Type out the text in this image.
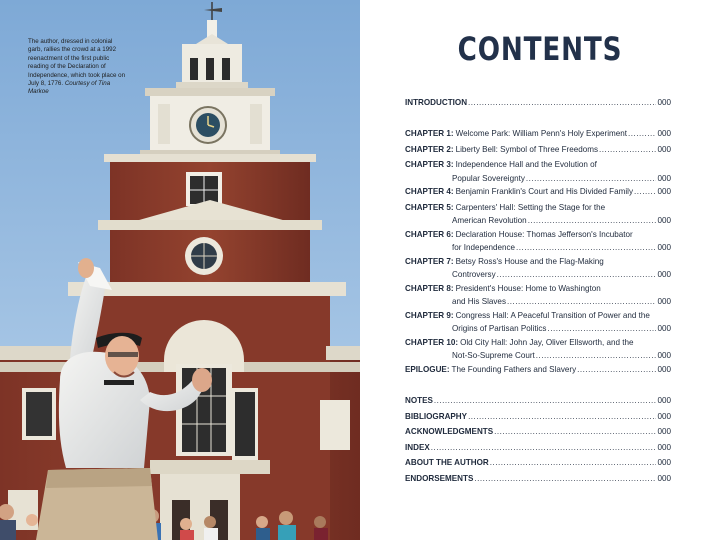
The author, dressed in colonial garb, rallies the crowd at a 1992 reenactment of the first public reading of the Declaration of Independence, which took place on July 8, 1776. Courtesy of Tina Markoe
CONTENTS
INTRODUCTION .....	000
CHAPTER 1: Welcome Park: William Penn's Holy Experiment .....	000
CHAPTER 2: Liberty Bell: Symbol of Three Freedoms .....	000
CHAPTER 3: Independence Hall and the Evolution of
Popular Sovereignty .....	000
CHAPTER 4: Benjamin Franklin's Court and His Divided Family .....	000
CHAPTER 5: Carpenters' Hall: Setting the Stage for the
American Revolution .....	000
CHAPTER 6: Declaration House: Thomas Jefferson's Incubator
for Independence .....	000
CHAPTER 7: Betsy Ross's House and the Flag-Making
Controversy .....	000
CHAPTER 8: President's House: Home to Washington
and His Slaves .....	000
CHAPTER 9: Congress Hall: A Peaceful Transition of Power and the
Origins of Partisan Politics .....	000
CHAPTER 10: Old City Hall: John Jay, Oliver Ellsworth, and the
Not-So-Supreme Court .....	000
EPILOGUE: The Founding Fathers and Slavery .....	000
NOTES .....	000
BIBLIOGRAPHY .....	000
ACKNOWLEDGMENTS .....	000
INDEX .....	000
ABOUT THE AUTHOR .....	000
ENDORSEMENTS .....	000
